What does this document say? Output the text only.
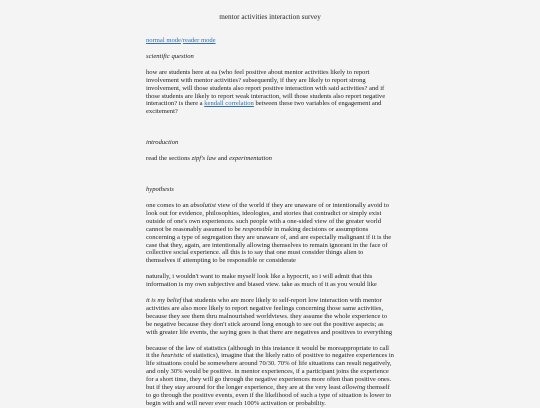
mentor activities interaction survey

normal mode/reader mode

scientific question

how are students here at ea (who feel positive about mentor activities likely to report involvement with mentor activities? subsequently, if they are likely to report strong involvement, will those students also report positive interaction with said activities? and if those students are likely to report weak interaction, will those students also report negative interaction? is there a kendall correlation between these two variables of engagement and excitement?

introduction

read the sections zipf's law and experimentation

hypothesis

one comes to an absolutist view of the world if they are unaware of or intentionally avoid to look out for evidence, philosophies, ideologies, and stories that contradict or simply exist outside of one's own experiences. such people with a one-sided view of the greater world cannot be reasonably assumed to be responsible in making decisions or assumptions concerning a type of segregation they are unaware of, and are especially malignant if it is the case that they, again, are intentionally allowing themselves to remain ignorant in the face of collective social experience. all this is to say that one must consider things alien to themselves if attempting to be responsible or considerate

naturally, i wouldn't want to make myself look like a hypocrit, so i will admit that this information is my own subjective and biased view. take as much of it as you would like

it is my belief that students who are more likely to self-report low interaction with mentor activities are also more likely to report negative feelings concerning those same activities, because they see them thru malnourished worldviews. they assume the whole experience to be negative because they don't stick around long enough to see out the positive aspects; as with greater life events, the saying goes is that there are negatives and positives to everything

because of the law of statistics (although in this instance it would be moreappropriate to call it the heuristic of statistics), imagine that the likely ratio of positive to negative experiences in life situations could be somewhere around 70/30. 70% of life situations can result negatively, and only 30% would be positive. in mentor experiences, if a participant joins the experience for a short time, they will go through the negative experiences more often than positive ones. but if they stay around for the longer experience, they are at the very least allowing themself to go through the positive events, even if the likelihood of such a type of situation is lower to begin with and will never ever reach 100% activation or probability.
